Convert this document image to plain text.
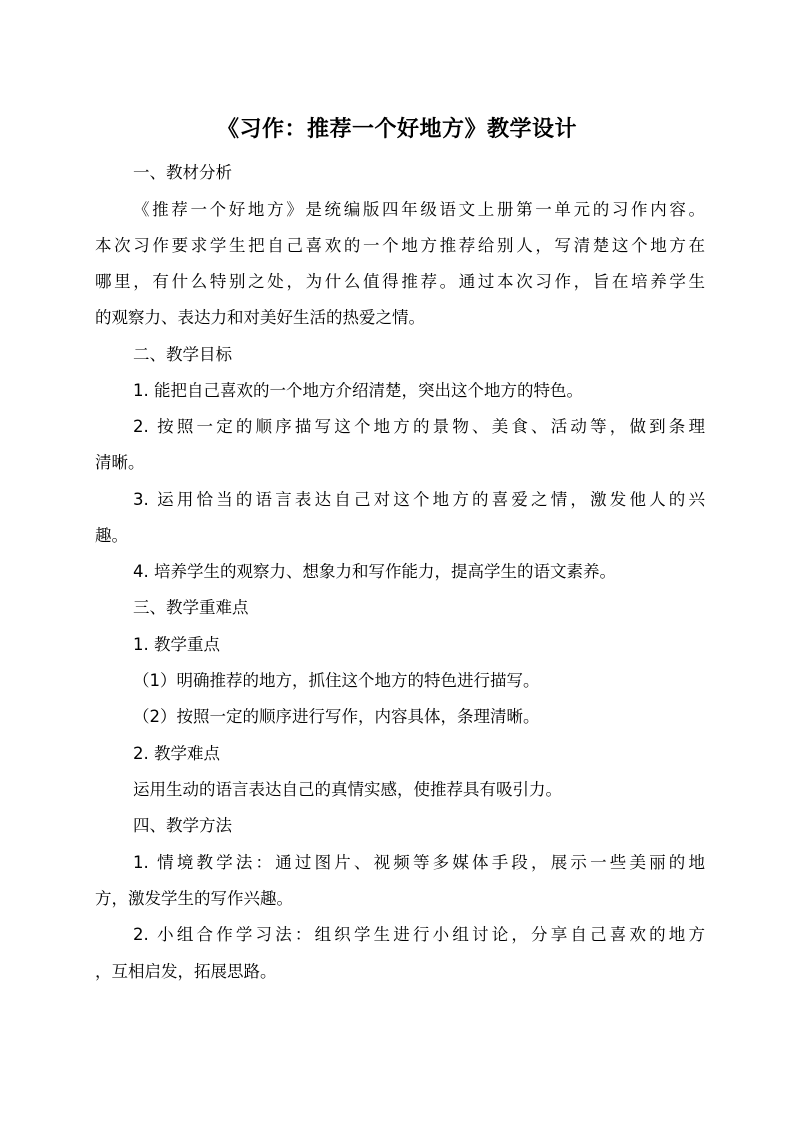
《习作：推荐一个好地方》教学设计
一、教材分析
《推荐一个好地方》是统编版四年级语文上册第一单元的习作内容。
本次习作要求学生把自己喜欢的一个地方推荐给别人，写清楚这个地方在
哪里，有什么特别之处，为什么值得推荐。通过本次习作，旨在培养学生
的观察力、表达力和对美好生活的热爱之情。
二、教学目标
1. 能把自己喜欢的一个地方介绍清楚，突出这个地方的特色。
2. 按照一定的顺序描写这个地方的景物、美食、活动等，做到条理
清晰。
3. 运用恰当的语言表达自己对这个地方的喜爱之情，激发他人的兴
趣。
4. 培养学生的观察力、想象力和写作能力，提高学生的语文素养。
三、教学重难点
1. 教学重点
（1）明确推荐的地方，抓住这个地方的特色进行描写。
（2）按照一定的顺序进行写作，内容具体，条理清晰。
2. 教学难点
运用生动的语言表达自己的真情实感，使推荐具有吸引力。
四、教学方法
1. 情境教学法：通过图片、视频等多媒体手段，展示一些美丽的地
方，激发学生的写作兴趣。
2. 小组合作学习法：组织学生进行小组讨论，分享自己喜欢的地方
，互相启发，拓展思路。
